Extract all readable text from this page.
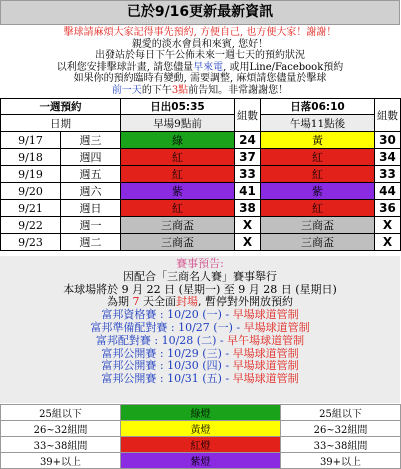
已於9/16更新最新資訊
擊球請麻煩大家記得事先預約, 方便自己, 也方便大家！謝謝！
親愛的淡水會員和來賓, 您好！
出發站於每日下午公佈未來一週七天的預約狀況
以利您安排擊球計畫, 請您儘量早來電, 或用Line/Facebook預約
如果你的預約臨時有變動, 需要調整, 麻煩請您儘量於擊球
前一天的下午3點前告知。非常謝謝您！
一週預約		日出05:35	組數	日落06:10	組數
日期		早場9點前		午場11點後	
9/17	週三	綠	24	黃	30
9/18	週四	紅	37	紅	34
9/19	週五	紅	33	紅	33
9/20	週六	紫	41	紫	44
9/21	週日	紅	38	紅	36
9/22	週一	三商盃	X	三商盃	X
9/23	週二	三商盃	X	三商盃	X
賽事預告:
因配合「三商名人賽」賽事舉行
本球場將於 9 月 22 日 (星期一) 至 9 月 28 日 (星期日)
為期 7 天全面封場, 暫停對外開放預約
富邦資格賽 : 10/20 (一) - 早場球道管制
富邦準備配對賽 : 10/27 (一) - 早場球道管制
富邦配對賽 : 10/28 (二) - 早午場球道管制
富邦公開賽 : 10/29 (三) - 早場球道管制
富邦公開賽 : 10/30 (四) - 早場球道管制
富邦公開賽 : 10/31 (五) - 早場球道管制
25組以下	綠燈	25組以下
26~32組間	黃燈	26~32組間
33~38組間	紅燈	33~38組間
39+以上	紫燈	39+以上
